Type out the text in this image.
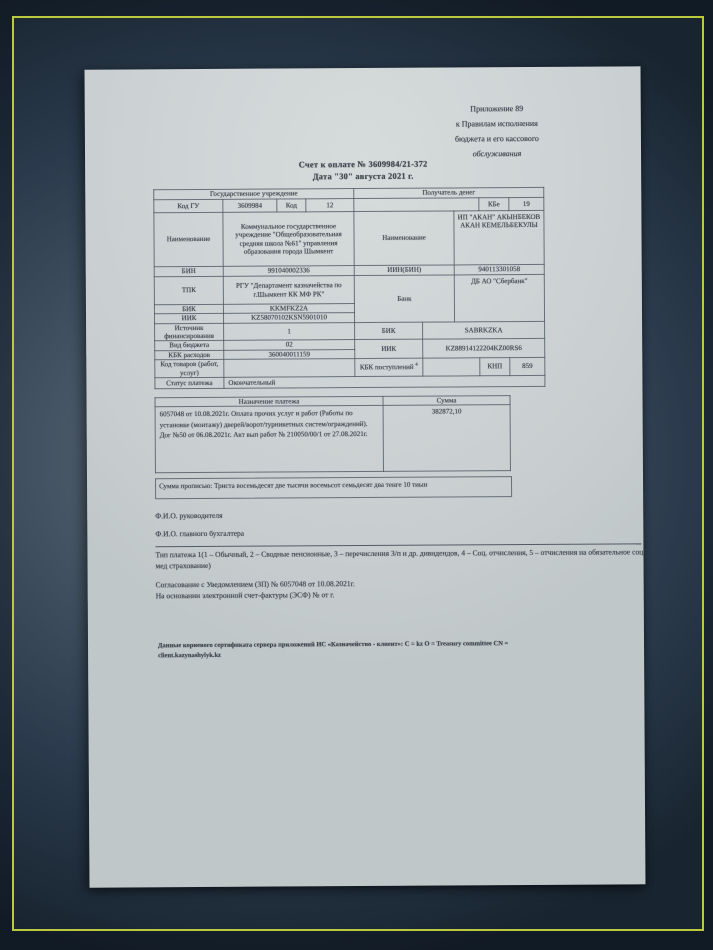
Приложение 89
к Правилам исполнения
бюджета и его кассового
обслуживания
Счет к оплате № 3609984/21-372
Дата "30" августа 2021 г.
Государственное учреждение				Получатель денег				
Код ГУ	3609984	Код	12				КБе	19
Наименование	Коммунальное государственное учреждение "Общеобразовательная средняя школа №61" управления образования города Шымкент			Наименование		ИП "АКАН" АКЫНБЕКОВ АКАН КЕМЕЛЬБЕКУЛЫ		
БИН	991040002336			ИИН(БИН)		940113301058		
ТПК	РГУ "Департамент казначейства по г.Шымкент КК МФ РК"			Банк		ДБ АО "Сбербанк"		
БИК	KKMFKZ2A							
ИИК	KZ58070102KSN5901010							
Источник финансирования	1			БИК	SABRKZKA			
Вид бюджета	02			ИИК	KZ88914122204KZ00RS6			
КБК расходов	360040011159							
Код товаров (работ, услуг)				КБК поступлений $^4$			КНП	859
Статус платежа	Окончательный							
Назначение платежа	Сумма
6057048 от 10.08.2021г. Оплата прочих услуг и работ (Работы по установке (монтажу) дверей/ворот/турникетных систем/ограждений). Дог №50 от 06.08.2021г. Акт вып работ № 210050/00/1 от 27.08.2021г.	382872,10
Сумма прописью: Триста восемьдесят две тысячи восемьсот семьдесят два тенге 10 тиын
Ф.И.О. руководителя
Ф.И.О. главного бухгалтера
Тип платежа 1(1 – Обычный, 2 – Сводные пенсионные, 3 – перечисления З/п и др. дивидендов, 4 – Соц. отчисления, 5 – отчисления на обязательное соц. мед страхование)
Согласование с Уведомлением (ЗП) № 6057048 от 10.08.2021г.
На основании электронной счет-фактуры (ЭСФ) № от г.
Данные корневого сертификата сервера приложений ИС «Казначейство - клиент»: C = kz O = Treasury committee CN = client.kazynashylyk.kz
